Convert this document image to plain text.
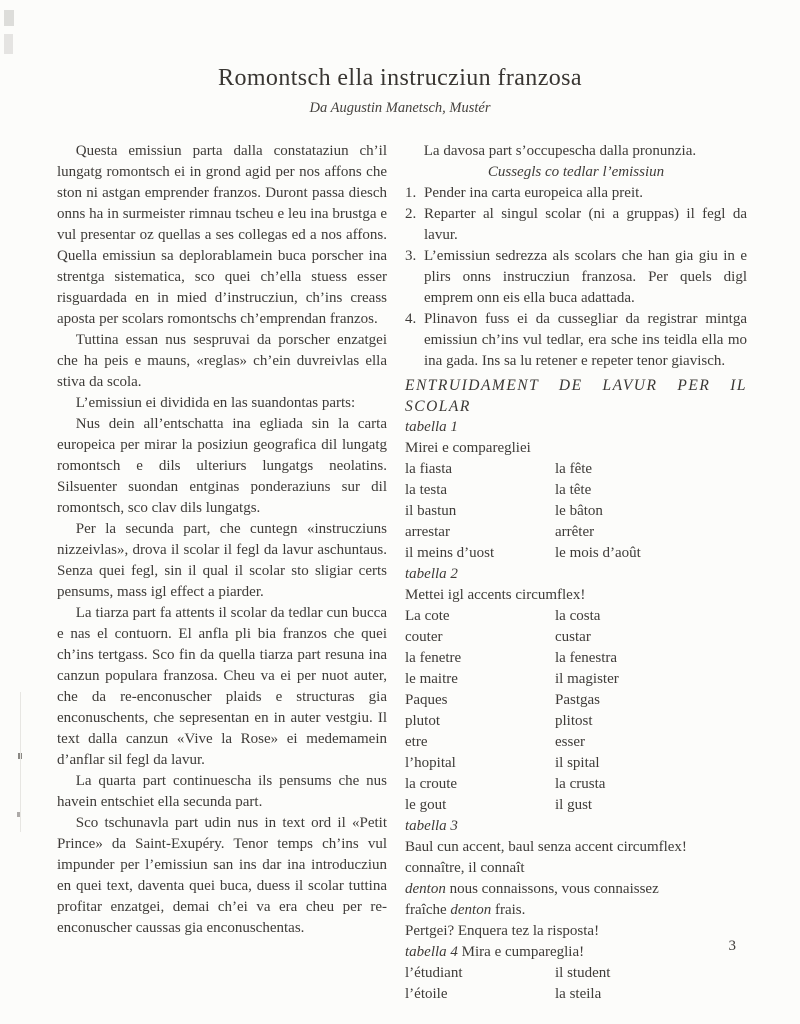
Romontsch ella instrucziun franzosa
Da Augustin Manetsch, Mustér

Questa emissiun parta dalla constataziun ch’il lungatg romontsch ei in grond agid per nos affons che ston ni astgan emprender franzos. Duront passa diesch onns ha in surmeister rimnau tscheu e leu ina brustga e vul presentar oz quellas a ses collegas ed a nos affons. Quella emissiun sa deplorablamein buca porscher ina strentga sistematica, sco quei ch’ella stuess esser risguardada en in mied d’instrucziun, ch’ins creass aposta per scolars romontschs ch’emprendan franzos.

Tuttina essan nus sespruvai da porscher enzatgei che ha peis e mauns, «reglas» ch’ein duvreivlas ella stiva da scola.

L’emissiun ei dividida en las suandontas parts:

Nus dein all’entschatta ina egliada sin la carta europeica per mirar la posiziun geografica dil lungatg romontsch e dils ulteriurs lungatgs neolatins. Silsuenter suondan entginas ponderaziuns sur dil romontsch, sco clav dils lungatgs.

Per la secunda part, che cuntegn «instrucziuns nizzeivlas», drova il scolar il fegl da lavur aschuntaus. Senza quei fegl, sin il qual il scolar sto sligiar certs pensums, mass igl effect a piarder.

La tiarza part fa attents il scolar da tedlar cun bucca e nas el contuorn. El anfla pli bia franzos che quei ch’ins tertgass. Sco fin da quella tiarza part resuna ina canzun populara franzosa. Cheu va ei per nuot auter, che da re-enconuscher plaids e structuras gia enconuschents, che sepresentan en in auter vestgiu. Il text dalla canzun «Vive la Rose» ei medemamein d’anflar sil fegl da lavur.

La quarta part continuescha ils pensums che nus havein entschiet ella secunda part.

Sco tschunavla part udin nus in text ord il «Petit Prince» da Saint-Exupéry. Tenor temps ch’ins vul impunder per l’emissiun san ins dar ina introducziun en quei text, daventa quei buca, duess il scolar tuttina profitar enzatgei, demai ch’ei va era cheu per re-enconuscher caussas gia enconuschentas.

La davosa part s’occupescha dalla pronunzia.

Cussegls co tedlar l’emissiun
1. Pender ina carta europeica alla preit.
2. Reparter al singul scolar (ni a gruppas) il fegl da lavur.
3. L’emissiun sedrezza als scolars che han gia giu in e plirs onns instrucziun franzosa. Per quels digl emprem onn eis ella buca adattada.
4. Plinavon fuss ei da cussegliar da registrar mintga emissiun ch’ins vul tedlar, era sche ins teidla ella mo ina gada. Ins sa lu retener e repeter tenor giavisch.
ENTRUIDAMENT DE LAVUR PER IL SCOLAR
tabella 1
Mirei e comparegliei
la fiasta	la fête
la testa	la tête
il bastun	le bâton
arrestar	arrêter
il meins d’uost	le mois d’août
tabella 2
Mettei igl accents circumflex!
La cote	la costa
couter	custar
la fenetre	la fenestra
le maitre	il magister
Paques	Pastgas
plutot	plitost
etre	esser
l’hopital	il spital
la croute	la crusta
le gout	il gust
tabella 3
Baul cun accent, baul senza accent circumflex!
connaître, il connaît
denton nous connaissons, vous connaissez
fraîche denton frais.
Pertgei? Enquera tez la risposta!
tabella 4 Mira e cumpareglia!
l’étudiant	il student
l’étoile	la steila
3
